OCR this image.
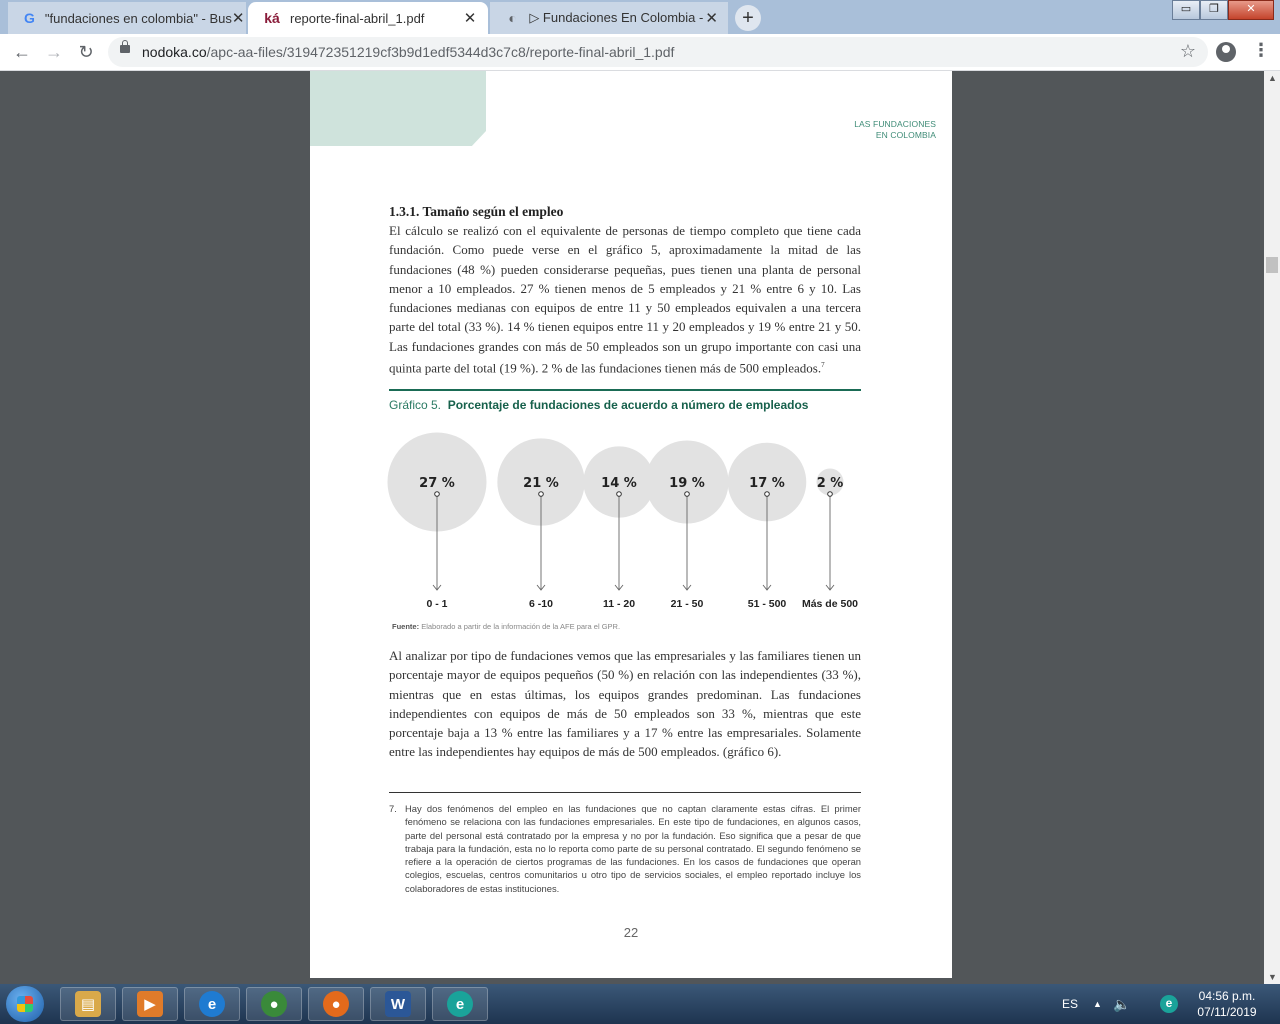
G "fundaciones en colombia" - Bus ✕ ká reporte-final-abril_1.pdf	✕ ◐ ▷ Fundaciones En Colombia - ✕	+	▭	❐	✕
← → ↻	nodoka.co/apc-aa-files/319472351219cf3b9d1edf5344d3c7c8/reporte-final-abril_1.pdf	☆	⋮
LAS FUNDACIONES
EN COLOMBIA
1.3.1. Tamaño según el empleo
El cálculo se realizó con el equivalente de personas de tiempo completo que tiene cada fundación. Como puede verse en el gráfico 5, aproximadamente la mitad de las fundaciones (48 %) pueden considerarse pequeñas, pues tienen una planta de personal menor a 10 empleados. 27 % tienen menos de 5 empleados y 21 % entre 6 y 10. Las fundaciones medianas con equipos de entre 11 y 50 empleados equivalen a una tercera parte del total (33 %). 14 % tienen equipos entre 11 y 20 empleados y 19 % entre 21 y 50. Las fundaciones grandes con más de 50 empleados son un grupo importante con casi una quinta parte del total (19 %). 2 % de las fundaciones tienen más de 500 empleados.$^7$
Gráfico 5. Porcentaje de fundaciones de acuerdo a número de empleados
27 %
0 - 1
21 %
6 -10
14 %
11 - 20
19 %
21 - 50
17 %
51 - 500
2 %
Más de 500
Fuente: Elaborado a partir de la información de la AFE para el GPR.
Al analizar por tipo de fundaciones vemos que las empresariales y las familiares tienen un porcentaje mayor de equipos pequeños (50 %) en relación con las independientes (33 %), mientras que en estas últimas, los equipos grandes predominan. Las fundaciones independientes con equipos de más de 50 empleados son 33 %, mientras que este porcentaje baja a 13 % entre las familiares y a 17 % entre las empresariales. Solamente entre las independientes hay equipos de más de 500 empleados. (gráfico 6).
7. Hay dos fenómenos del empleo en las fundaciones que no captan claramente estas cifras. El primer fenómeno se relaciona con las fundaciones empresariales. En este tipo de fundaciones, en algunos casos, parte del personal está contratado por la empresa y no por la fundación. Eso significa que a pesar de que trabaja para la fundación, esta no lo reporta como parte de su personal contratado. El segundo fenómeno se refiere a la operación de ciertos programas de las fundaciones. En los casos de fundaciones que operan colegios, escuelas, centros comunitarios u otro tipo de servicios sociales, el empleo reportado incluye los colaboradores de estas instituciones.
22
▲
▼
▤	▶	e	●	●	W	e	ES ▲ 🔈	e	04:56 p.m.
07/11/2019
